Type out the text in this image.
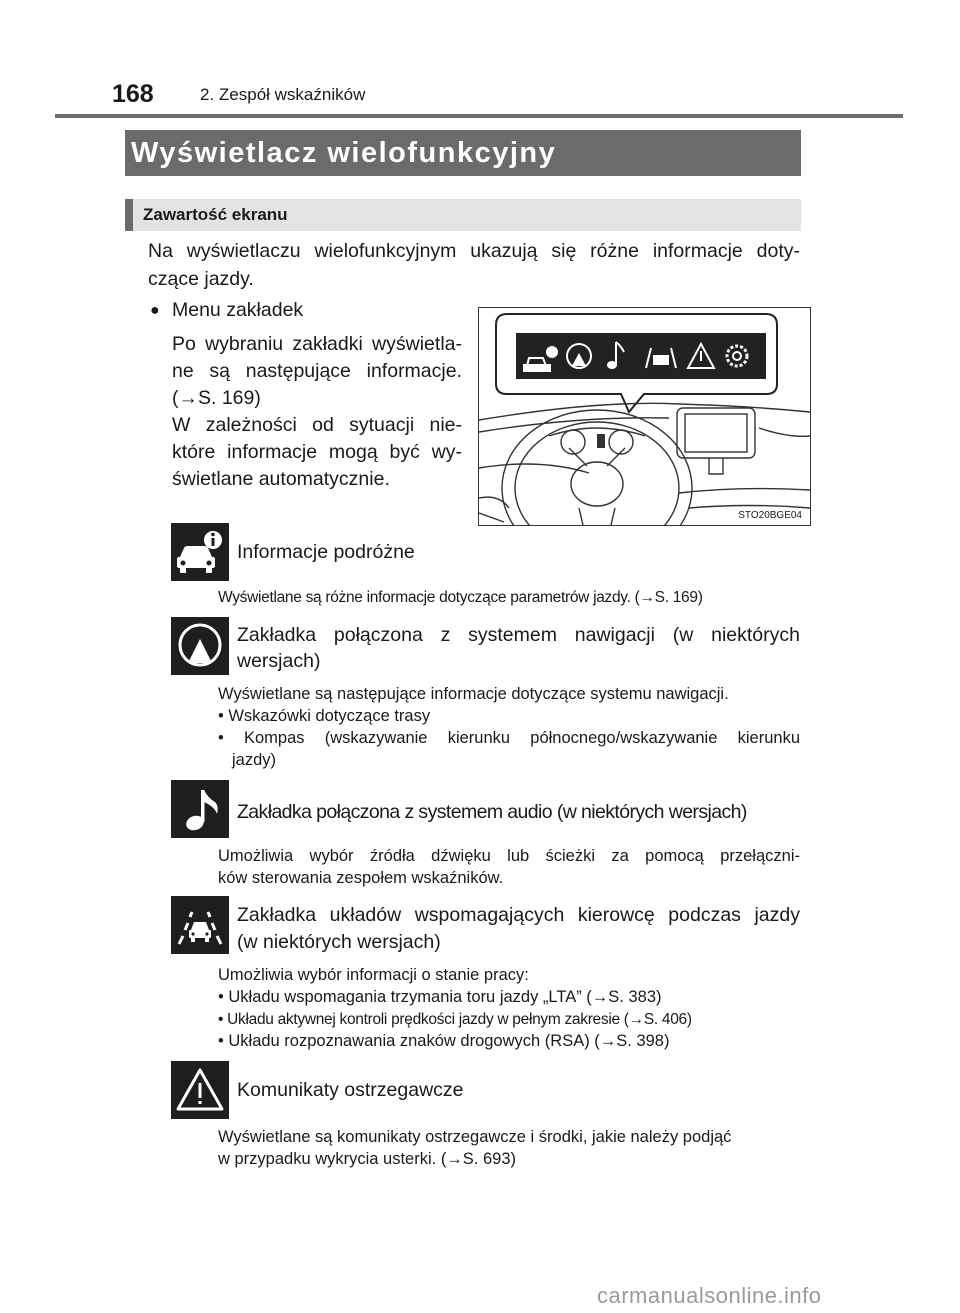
168	2. Zespół wskaźników
Wyświetlacz wielofunkcyjny
Zawartość ekranu
Na wyświetlaczu wielofunkcyjnym ukazują się różne informacje doty-
czące jazdy.
● Menu zakładek
Po wybraniu zakładki wyświetla-
ne są następujące informacje.
(→S. 169)
W zależności od sytuacji nie-
które informacje mogą być wy-
świetlane automatycznie.
STO20BGE04
Informacje podróżne
Wyświetlane są różne informacje dotyczące parametrów jazdy. (→S. 169)
Zakładka połączona z systemem nawigacji (w niektórych
wersjach)
Wyświetlane są następujące informacje dotyczące systemu nawigacji.
• Wskazówki dotyczące trasy
• Kompas (wskazywanie kierunku północnego/wskazywanie kierunku
jazdy)
Zakładka połączona z systemem audio (w niektórych wersjach)
Umożliwia wybór źródła dźwięku lub ścieżki za pomocą przełączni-
ków sterowania zespołem wskaźników.
Zakładka układów wspomagających kierowcę podczas jazdy
(w niektórych wersjach)
Umożliwia wybór informacji o stanie pracy:
• Układu wspomagania trzymania toru jazdy „LTA” (→S. 383)
• Układu aktywnej kontroli prędkości jazdy w pełnym zakresie (→S. 406)
• Układu rozpoznawania znaków drogowych (RSA) (→S. 398)
Komunikaty ostrzegawcze
Wyświetlane są komunikaty ostrzegawcze i środki, jakie należy podjąć
w przypadku wykrycia usterki. (→S. 693)
carmanualsonline.info
